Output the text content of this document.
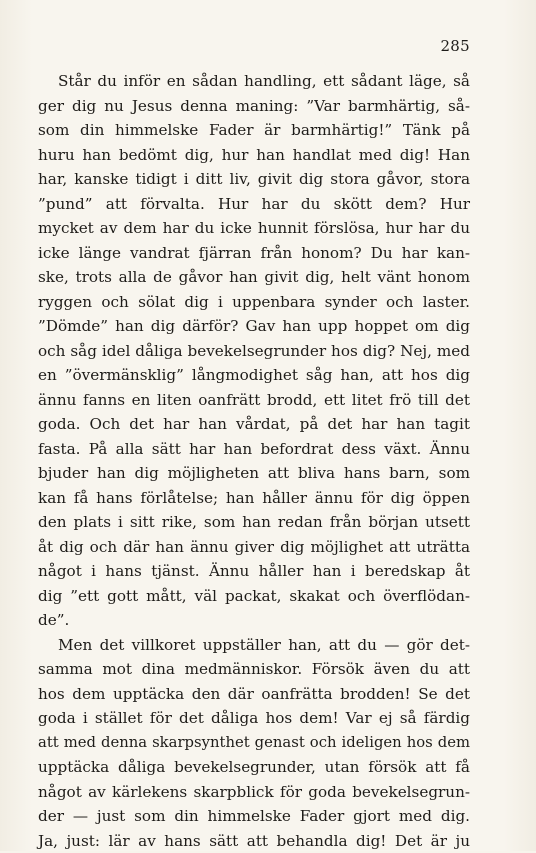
285
Står du inför en sådan handling, ett sådant läge, så
ger dig nu Jesus denna maning: ”Var barmhärtig, så-
som din himmelske Fader är barmhärtig!” Tänk på
huru han bedömt dig, hur han handlat med dig! Han
har, kanske tidigt i ditt liv, givit dig stora gåvor, stora
”pund” att förvalta. Hur har du skött dem? Hur
mycket av dem har du icke hunnit förslösa, hur har du
icke länge vandrat fjärran från honom? Du har kan-
ske, trots alla de gåvor han givit dig, helt vänt honom
ryggen och sölat dig i uppenbara synder och laster.
”Dömde” han dig därför? Gav han upp hoppet om dig
och såg idel dåliga bevekelsegrunder hos dig? Nej, med
en ”övermänsklig” långmodighet såg han, att hos dig
ännu fanns en liten oanfrätt brodd, ett litet frö till det
goda. Och det har han vårdat, på det har han tagit
fasta. På alla sätt har han befordrat dess växt. Ännu
bjuder han dig möjligheten att bliva hans barn, som
kan få hans förlåtelse; han håller ännu för dig öppen
den plats i sitt rike, som han redan från början utsett
åt dig och där han ännu giver dig möjlighet att uträtta
något i hans tjänst. Ännu håller han i beredskap åt
dig ”ett gott mått, väl packat, skakat och överflödan-
de”.
Men det villkoret uppställer han, att du — gör det-
samma mot dina medmänniskor. Försök även du att
hos dem upptäcka den där oanfrätta brodden! Se det
goda i stället för det dåliga hos dem! Var ej så färdig
att med denna skarpsynthet genast och ideligen hos dem
upptäcka dåliga bevekelsegrunder, utan försök att få
något av kärlekens skarpblick för goda bevekelsegrun-
der — just som din himmelske Fader gjort med dig.
Ja, just: lär av hans sätt att behandla dig! Det är ju
